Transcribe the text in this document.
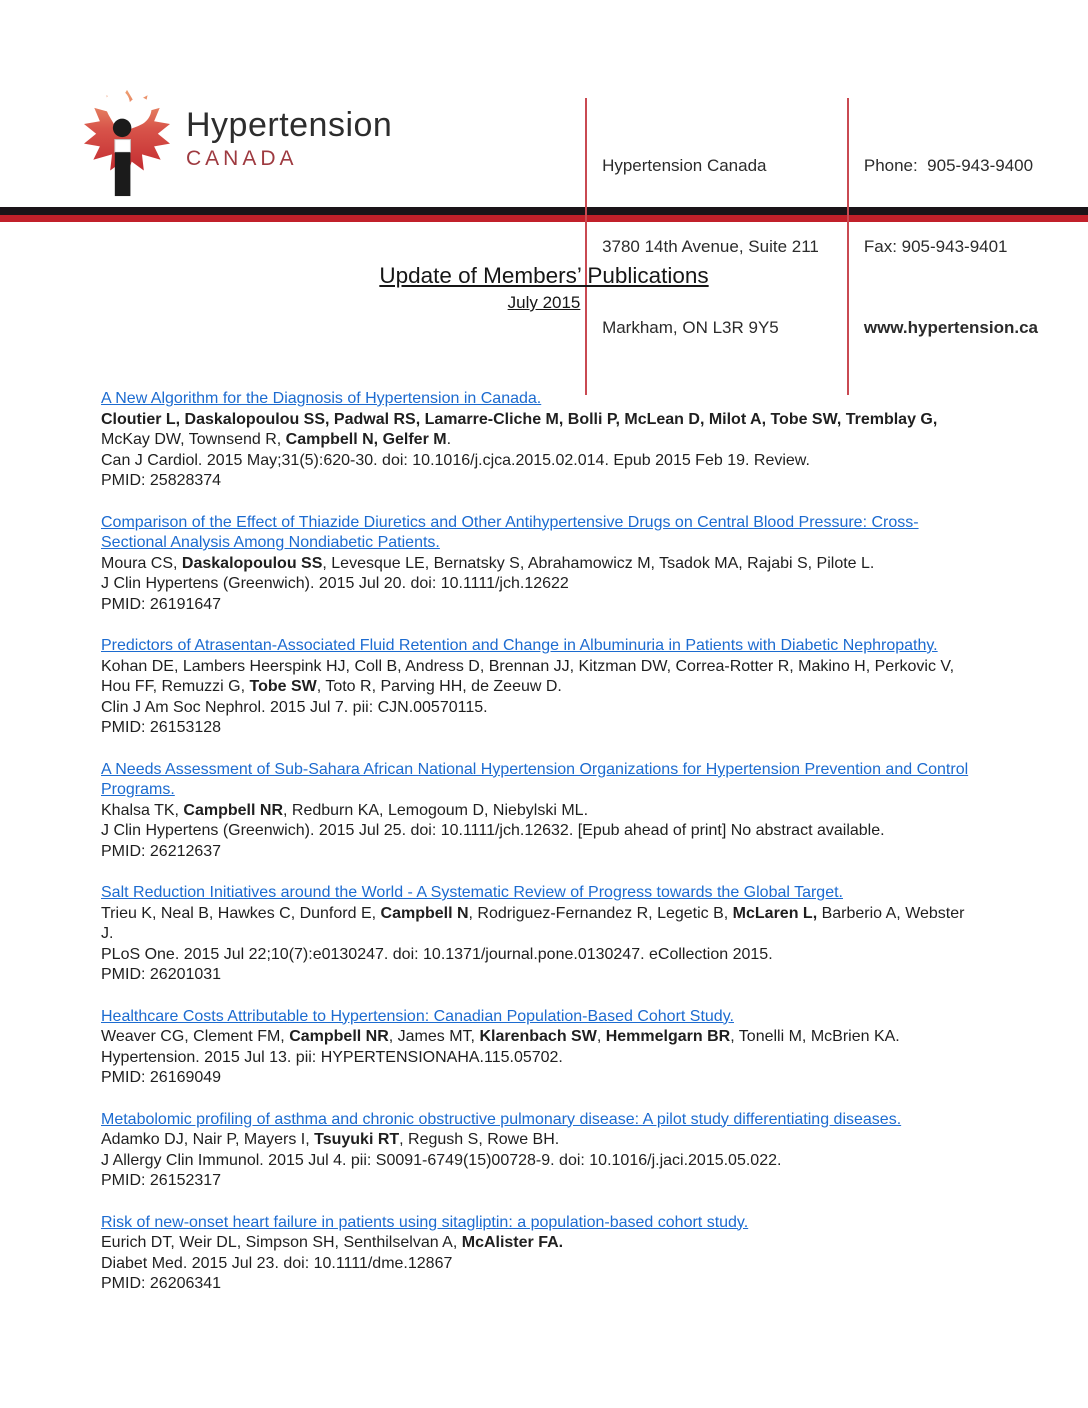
Hypertension
CANADA

	Hypertension Canada

3780 14th Avenue, Suite 211

Markham, ON L3R 9Y5

Phone:  905-943-9400

Fax: 905-943-9401

www.hypertension.ca

Update of Members’ Publications
July 2015
A New Algorithm for the Diagnosis of Hypertension in Canada.

Cloutier L, Daskalopoulou SS, Padwal RS, Lamarre-Cliche M, Bolli P, McLean D, Milot A, Tobe SW, Tremblay G, McKay DW, Townsend R, Campbell N, Gelfer M.

Can J Cardiol. 2015 May;31(5):620-30. doi: 10.1016/j.cjca.2015.02.014. Epub 2015 Feb 19. Review.

PMID: 25828374

Comparison of the Effect of Thiazide Diuretics and Other Antihypertensive Drugs on Central Blood Pressure: Cross-Sectional Analysis Among Nondiabetic Patients.

Moura CS, Daskalopoulou SS, Levesque LE, Bernatsky S, Abrahamowicz M, Tsadok MA, Rajabi S, Pilote L.

J Clin Hypertens (Greenwich). 2015 Jul 20. doi: 10.1111/jch.12622

PMID: 26191647

Predictors of Atrasentan-Associated Fluid Retention and Change in Albuminuria in Patients with Diabetic Nephropathy.

Kohan DE, Lambers Heerspink HJ, Coll B, Andress D, Brennan JJ, Kitzman DW, Correa-Rotter R, Makino H, Perkovic V, Hou FF, Remuzzi G, Tobe SW, Toto R, Parving HH, de Zeeuw D.

Clin J Am Soc Nephrol. 2015 Jul 7. pii: CJN.00570115.

PMID: 26153128

A Needs Assessment of Sub-Sahara African National Hypertension Organizations for Hypertension Prevention and Control Programs.

Khalsa TK, Campbell NR, Redburn KA, Lemogoum D, Niebylski ML.

J Clin Hypertens (Greenwich). 2015 Jul 25. doi: 10.1111/jch.12632. [Epub ahead of print] No abstract available.

PMID: 26212637

Salt Reduction Initiatives around the World - A Systematic Review of Progress towards the Global Target.

Trieu K, Neal B, Hawkes C, Dunford E, Campbell N, Rodriguez-Fernandez R, Legetic B, McLaren L, Barberio A, Webster J.

PLoS One. 2015 Jul 22;10(7):e0130247. doi: 10.1371/journal.pone.0130247. eCollection 2015.

PMID: 26201031

Healthcare Costs Attributable to Hypertension: Canadian Population-Based Cohort Study.

Weaver CG, Clement FM, Campbell NR, James MT, Klarenbach SW, Hemmelgarn BR, Tonelli M, McBrien KA.

Hypertension. 2015 Jul 13. pii: HYPERTENSIONAHA.115.05702.

PMID: 26169049

Metabolomic profiling of asthma and chronic obstructive pulmonary disease: A pilot study differentiating diseases.

Adamko DJ, Nair P, Mayers I, Tsuyuki RT, Regush S, Rowe BH.

J Allergy Clin Immunol. 2015 Jul 4. pii: S0091-6749(15)00728-9. doi: 10.1016/j.jaci.2015.05.022.

PMID: 26152317

Risk of new-onset heart failure in patients using sitagliptin: a population-based cohort study.

Eurich DT, Weir DL, Simpson SH, Senthilselvan A, McAlister FA.

Diabet Med. 2015 Jul 23. doi: 10.1111/dme.12867

PMID: 26206341
